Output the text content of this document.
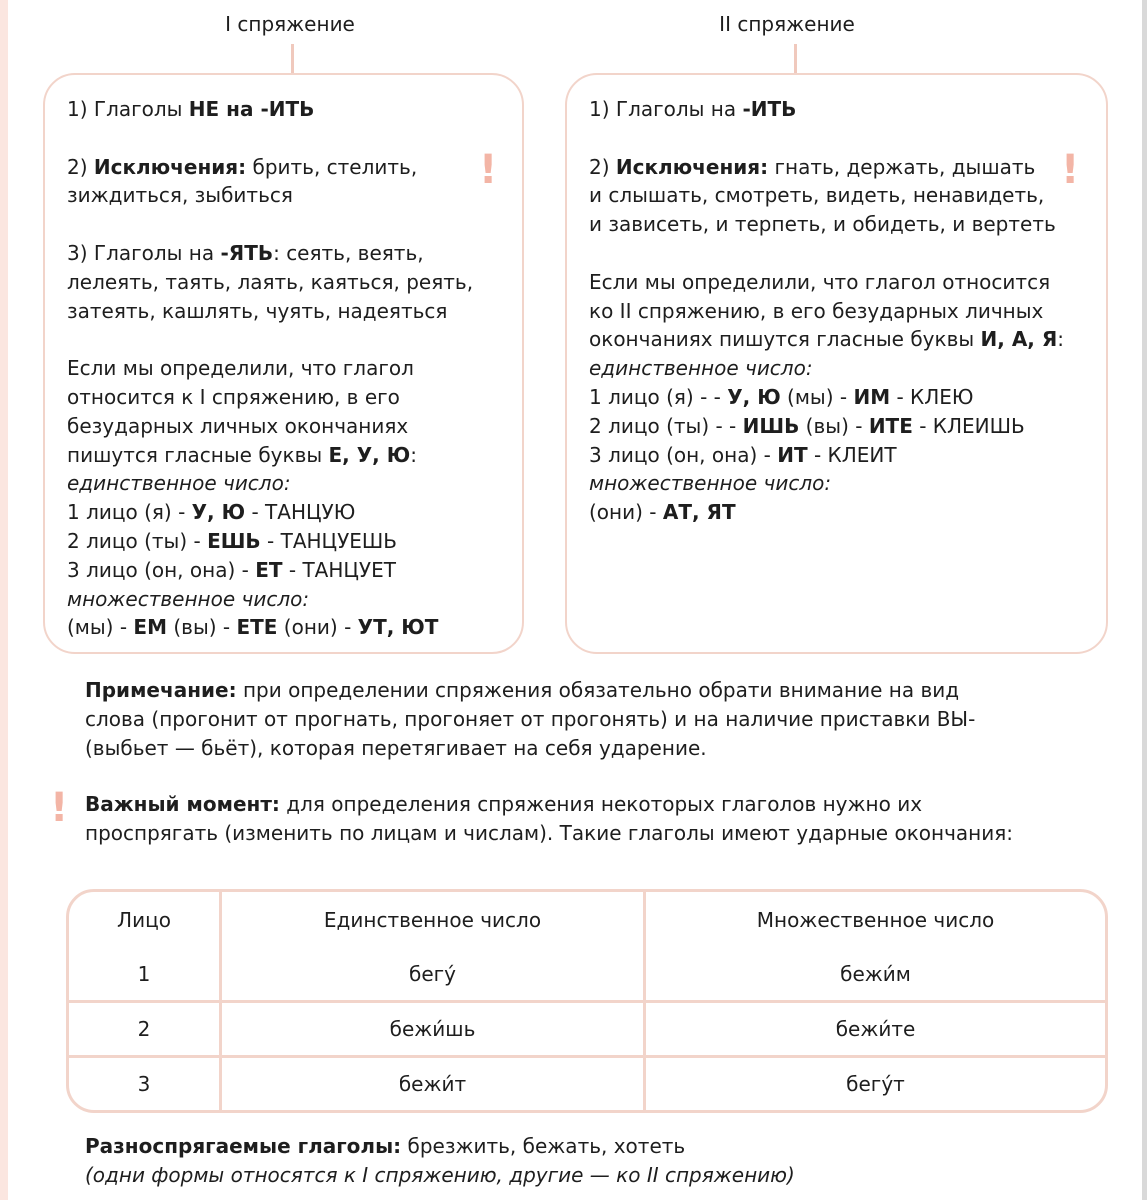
I спряжение	II спряжение
1) Глаголы НЕ на -ИТЬ
2) Исключения: брить, стелить,
зиждиться, зыбиться
3) Глаголы на -ЯТЬ: сеять, веять,
лелеять, таять, лаять, каяться, реять,
затеять, кашлять, чуять, надеяться
Если мы определили, что глагол
относится к I спряжению, в его
безударных личных окончаниях
пишутся гласные буквы Е, У, Ю:
единственное число:
1 лицо (я) - У, Ю - ТАНЦУЮ
2 лицо (ты) - ЕШЬ - ТАНЦУЕШЬ
3 лицо (он, она) - ЕТ - ТАНЦУЕТ
множественное число:
(мы) - ЕМ (вы) - ЕТЕ (они) - УТ, ЮТ
1) Глаголы на -ИТЬ
2) Исключения: гнать, держать, дышать
и слышать, смотреть, видеть, ненавидеть,
и зависеть, и терпеть, и обидеть, и вертеть
Если мы определили, что глагол относится
ко II спряжению, в его безударных личных
окончаниях пишутся гласные буквы И, А, Я:
единственное число:
1 лицо (я) - - У, Ю (мы) - ИМ - КЛЕЮ
2 лицо (ты) - - ИШЬ (вы) - ИТЕ - КЛЕИШЬ
3 лицо (он, она) - ИТ - КЛЕИТ
множественное число:
(они) - АТ, ЯТ
!	!
Примечание: при определении спряжения обязательно обрати внимание на вид
слова (прогонит от прогнать, прогоняет от прогонять) и на наличие приставки ВЫ-
(выбьет — бьёт), которая перетягивает на себя ударение.
! Важный момент: для определения спряжения некоторых глаголов нужно их
проспрягать (изменить по лицам и числам). Такие глаголы имеют ударные окончания:
Лицо	Единственное число	Множественное число
1	бегу́	бежи́м
2	бежи́шь	бежи́те
3	бежи́т	бегу́т
Разноспрягаемые глаголы: брезжить, бежать, хотеть
(одни формы относятся к I спряжению, другие — ко II спряжению)
